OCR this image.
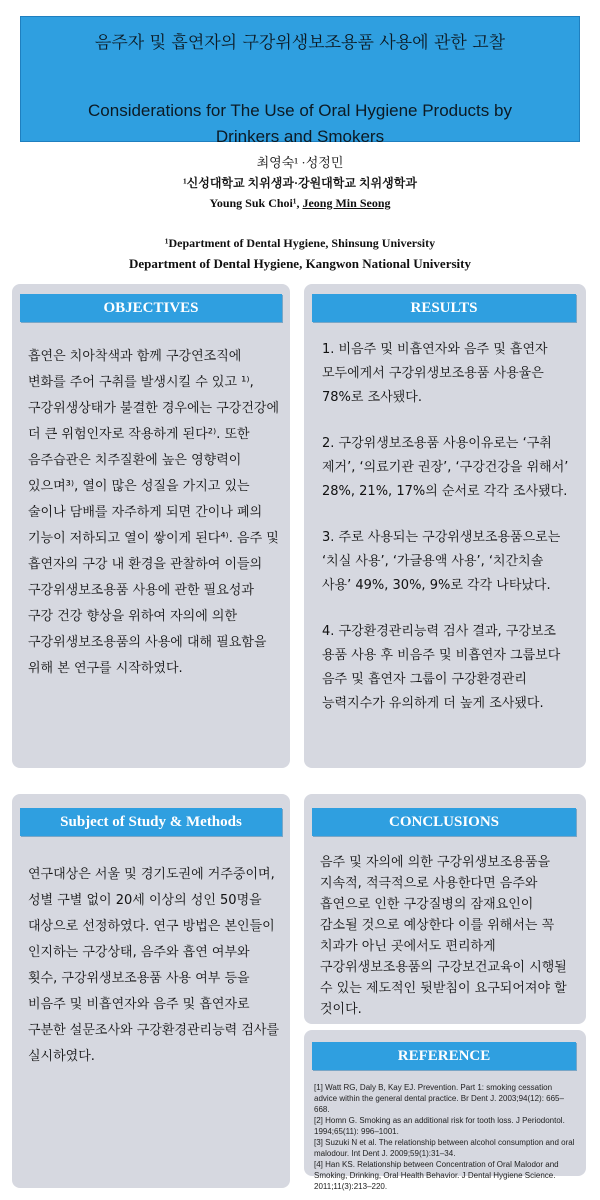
음주자 및 흡연자의 구강위생보조용품 사용에 관한 고찰
Considerations for The Use of Oral Hygiene Products by
Drinkers and Smokers
최영숙¹ ·성정민
¹신성대학교 치위생과·강원대학교 치위생학과
Young Suk Choi¹, Jeong Min Seong
¹Department of Dental Hygiene, Shinsung University
Department of Dental Hygiene, Kangwon National University
OBJECTIVES
흡연은 치아착색과 함께 구강연조직에 변화를 주어 구취를 발생시킬 수 있고 ¹⁾, 구강위생상태가 불결한 경우에는 구강건강에 더 큰 위험인자로 작용하게 된다²⁾. 또한 음주습관은 치주질환에 높은 영향력이 있으며³⁾, 열이 많은 성질을 가지고 있는 술이나 담배를 자주하게 되면 간이나 폐의 기능이 저하되고 열이 쌓이게 된다⁴⁾. 음주 및 흡연자의 구강 내 환경을 관찰하여 이들의 구강위생보조용품 사용에 관한 필요성과 구강 건강 향상을 위하여 자의에 의한 구강위생보조용품의 사용에 대해 필요함을 위해 본 연구를 시작하였다.
RESULTS
1. 비음주 및 비흡연자와 음주 및 흡연자 모두에게서 구강위생보조용품 사용율은 78%로 조사됐다.
2. 구강위생보조용품 사용이유로는 ‘구취 제거’, ‘의료기관 권장’, ‘구강건강을 위해서’ 28%, 21%, 17%의 순서로 각각 조사됐다.
3. 주로 사용되는 구강위생보조용품으로는 ‘치실 사용’, ‘가글용액 사용’, ‘치간치솔 사용’ 49%, 30%, 9%로 각각 나타났다.
4. 구강환경관리능력 검사 결과, 구강보조 용품 사용 후 비음주 및 비흡연자 그룹보다 음주 및 흡연자 그룹이 구강환경관리 능력지수가 유의하게 더 높게 조사됐다.
Subject of Study & Methods
연구대상은 서울 및 경기도권에 거주중이며, 성별 구별 없이 20세 이상의 성인 50명을 대상으로 선정하였다. 연구 방법은 본인들이 인지하는 구강상태, 음주와 흡연 여부와 횟수, 구강위생보조용품 사용 여부 등을 비음주 및 비흡연자와 음주 및 흡연자로 구분한 설문조사와 구강환경관리능력 검사를 실시하였다.
CONCLUSIONS
음주 및 자의에 의한 구강위생보조용품을 지속적, 적극적으로 사용한다면 음주와 흡연으로 인한 구강질병의 잠재요인이 감소될 것으로 예상한다 이를 위해서는 꼭 치과가 아닌 곳에서도 편리하게 구강위생보조용품의 구강보건교육이 시행될 수 있는 제도적인 뒷받침이 요구되어져야 할 것이다.
REFERENCE
[1] Watt RG, Daly B, Kay EJ. Prevention. Part 1: smoking cessation advice within the general dental practice. Br Dent J. 2003;94(12): 665–668.
[2] Homn G. Smoking as an additional risk for tooth loss. J Periodontol. 1994;65(11): 996–1001.
[3] Suzuki N et al. The relationship between alcohol consumption and oral malodour. Int Dent J. 2009;59(1):31–34.
[4] Han KS. Relationship between Concentration of Oral Malodor and Smoking, Drinking, Oral Health Behavior. J Dental Hygiene Science. 2011;11(3):213–220.
